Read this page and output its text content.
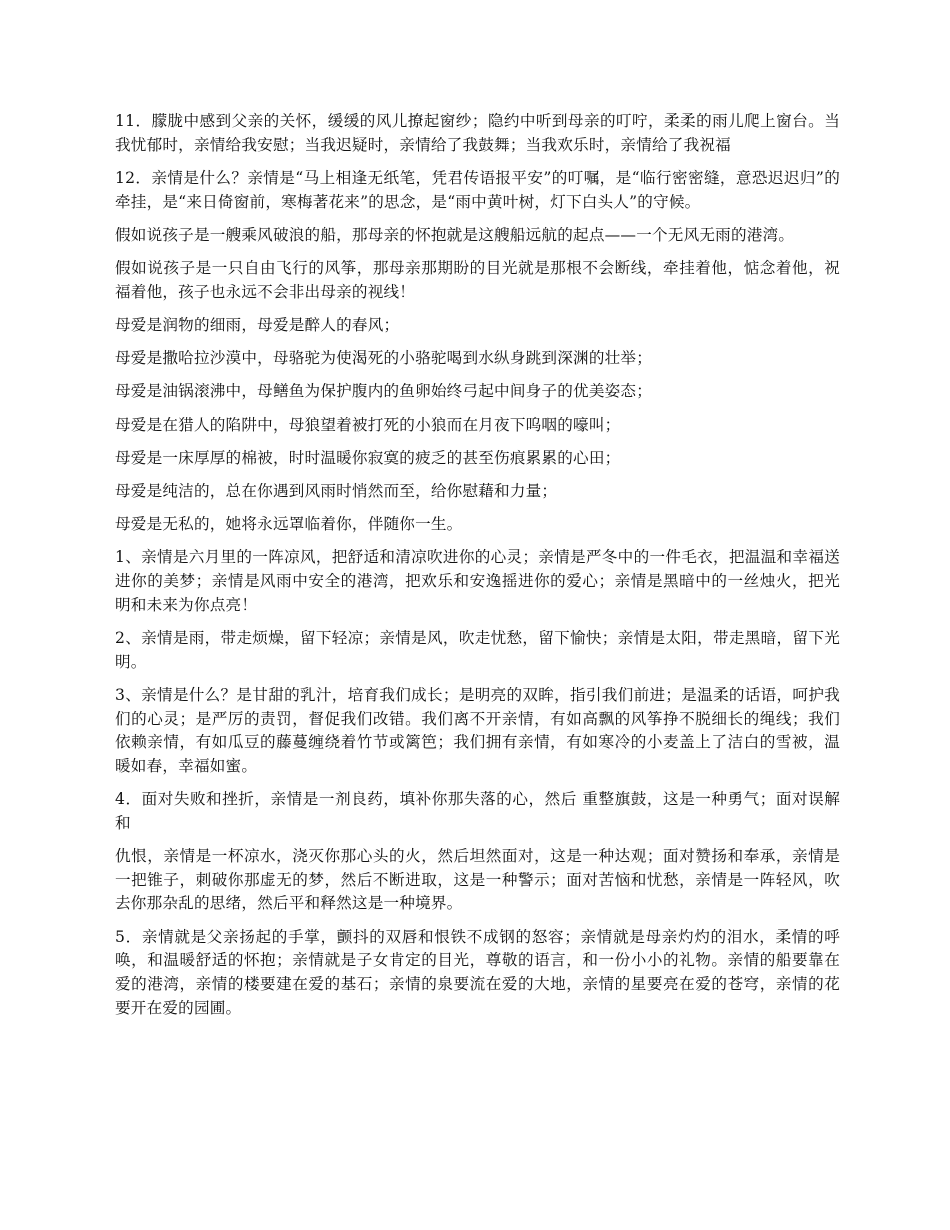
11．朦胧中感到父亲的关怀，缓缓的风儿撩起窗纱；隐约中听到母亲的叮咛，柔柔的雨儿爬上窗台。当我忧郁时，亲情给我安慰；当我迟疑时，亲情给了我鼓舞；当我欢乐时，亲情给了我祝福

12．亲情是什么？亲情是“马上相逢无纸笔，凭君传语报平安”的叮嘱，是“临行密密缝，意恐迟迟归”的牵挂，是“来日倚窗前，寒梅著花来”的思念，是“雨中黄叶树，灯下白头人”的守候。

假如说孩子是一艘乘风破浪的船，那母亲的怀抱就是这艘船远航的起点——一个无风无雨的港湾。

假如说孩子是一只自由飞行的风筝，那母亲那期盼的目光就是那根不会断线，牵挂着他，惦念着他，祝福着他，孩子也永远不会非出母亲的视线！

母爱是润物的细雨，母爱是醉人的春风；

母爱是撒哈拉沙漠中，母骆驼为使渴死的小骆驼喝到水纵身跳到深渊的壮举；

母爱是油锅滚沸中，母鳝鱼为保护腹内的鱼卵始终弓起中间身子的优美姿态；

母爱是在猎人的陷阱中，母狼望着被打死的小狼而在月夜下呜咽的嚎叫；

母爱是一床厚厚的棉被，时时温暖你寂寞的疲乏的甚至伤痕累累的心田；

母爱是纯洁的，总在你遇到风雨时悄然而至，给你慰藉和力量；

母爱是无私的，她将永远罩临着你，伴随你一生。

1、亲情是六月里的一阵凉风，把舒适和清凉吹进你的心灵；亲情是严冬中的一件毛衣，把温温和幸福送进你的美梦；亲情是风雨中安全的港湾，把欢乐和安逸摇进你的爱心；亲情是黑暗中的一丝烛火，把光明和未来为你点亮！

2、亲情是雨，带走烦燥，留下轻凉；亲情是风，吹走忧愁，留下愉快；亲情是太阳，带走黑暗，留下光明。

3、亲情是什么？是甘甜的乳汁，培育我们成长；是明亮的双眸，指引我们前进；是温柔的话语，呵护我们的心灵；是严厉的责罚，督促我们改错。我们离不开亲情，有如高飘的风筝挣不脱细长的绳线；我们依赖亲情，有如瓜豆的藤蔓缠绕着竹节或篱笆；我们拥有亲情，有如寒冷的小麦盖上了洁白的雪被，温暖如春，幸福如蜜。

4．面对失败和挫折，亲情是一剂良药，填补你那失落的心，然后 重整旗鼓，这是一种勇气；面对误解和

仇恨，亲情是一杯凉水，浇灭你那心头的火，然后坦然面对，这是一种达观；面对赞扬和奉承，亲情是一把锥子，刺破你那虚无的梦，然后不断进取，这是一种警示；面对苦恼和忧愁，亲情是一阵轻风，吹去你那杂乱的思绪，然后平和释然这是一种境界。

5．亲情就是父亲扬起的手掌，颤抖的双唇和恨铁不成钢的怒容；亲情就是母亲灼灼的泪水，柔情的呼唤，和温暖舒适的怀抱；亲情就是子女肯定的目光，尊敬的语言，和一份小小的礼物。亲情的船要靠在爱的港湾，亲情的楼要建在爱的基石；亲情的泉要流在爱的大地，亲情的星要亮在爱的苍穹，亲情的花要开在爱的园圃。
